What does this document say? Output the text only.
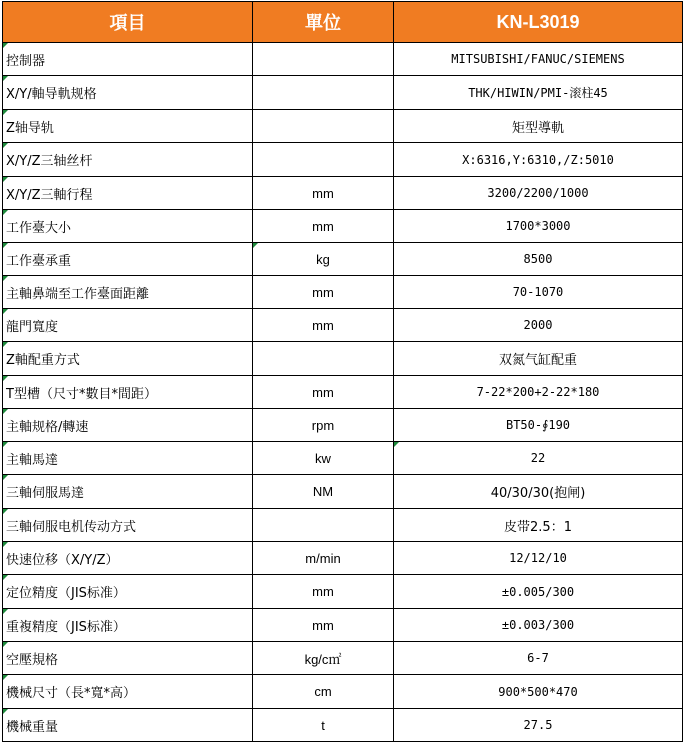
項目	單位	KN-L3019
控制器		MITSUBISHI/FANUC/SIEMENS
X/Y/軸导軌规格		THK/HIWIN/PMI-滚柱45
Z轴导轨		矩型導軌
X/Y/Z三轴丝杆		X:6316,Y:6310,/Z:5010
X/Y/Z三軸行程	mm	3200/2200/1000
工作臺大小	mm	1700*3000
工作臺承重	kg	8500
主軸鼻端至工作臺面距離	mm	70-1070
龍門寬度	mm	2000
Z軸配重方式		双氮气缸配重
T型槽（尺寸*數目*間距）	mm	7-22*200+2-22*180
主軸规格/轉速	rpm	BT50-∮190
主軸馬達	kw	22
三軸伺服馬達	NM	40/30/30(抱闸)
三軸伺服电机传动方式		皮带2.5：1
快速位移（X/Y/Z）	m/min	12/12/10
定位精度（JIS标准）	mm	±0.005/300
重複精度（JIS标准）	mm	±0.003/300
空壓規格	kg/c㎡	6-7
機械尺寸（長*寬*高）	cm	900*500*470
機械重量	t	27.5
